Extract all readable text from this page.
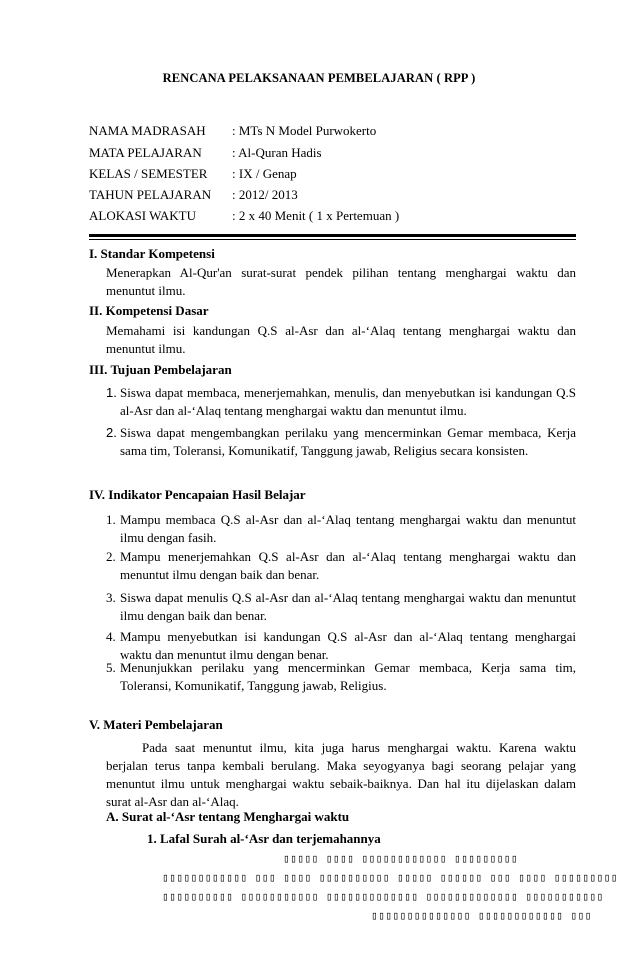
RENCANA PELAKSANAAN PEMBELAJARAN ( RPP )
NAMA MADRASAH : MTs N Model Purwokerto
MATA PELAJARAN : Al-Quran Hadis
KELAS / SEMESTER : IX / Genap
TAHUN PELAJARAN : 2012/ 2013
ALOKASI WAKTU	: 2 x 40 Menit ( 1 x Pertemuan )
I. Standar Kompetensi
Menerapkan Al-Qur'an surat-surat pendek pilihan tentang menghargai waktu dan menuntut ilmu.
II. Kompetensi Dasar
Memahami isi kandungan Q.S al-Asr dan al-‘Alaq tentang menghargai waktu dan menuntut ilmu.
III. Tujuan Pembelajaran
1. Siswa dapat membaca, menerjemahkan, menulis, dan menyebutkan isi kandungan Q.S al-Asr dan al-‘Alaq tentang menghargai waktu dan menuntut ilmu.
2. Siswa dapat mengembangkan perilaku yang mencerminkan Gemar membaca, Kerja sama tim, Toleransi, Komunikatif, Tanggung jawab, Religius secara konsisten.
IV. Indikator Pencapaian Hasil Belajar
1. Mampu membaca Q.S al-Asr dan al-‘Alaq tentang menghargai waktu dan menuntut ilmu dengan fasih.
2. Mampu menerjemahkan Q.S al-Asr dan al-‘Alaq tentang menghargai waktu dan menuntut ilmu dengan baik dan benar.
3. Siswa dapat menulis Q.S al-Asr dan al-‘Alaq tentang menghargai waktu dan menuntut ilmu dengan baik dan benar.
4. Mampu menyebutkan isi kandungan Q.S al-Asr dan al-‘Alaq tentang menghargai waktu dan menuntut ilmu dengan benar.
5. Menunjukkan perilaku yang mencerminkan Gemar membaca, Kerja sama tim, Toleransi, Komunikatif, Tanggung jawab, Religius.
V. Materi Pembelajaran
Pada saat menuntut ilmu, kita juga harus menghargai waktu. Karena waktu berjalan terus tanpa kembali berulang. Maka seyogyanya bagi seorang pelajar yang menuntut ilmu untuk menghargai waktu sebaik-baiknya. Dan hal itu dijelaskan dalam surat al-Asr dan al-‘Alaq.
A. Surat al-‘Asr tentang Menghargai waktu
1. Lafal Surah al-‘Asr dan terjemahannya
▯▯▯▯▯ ▯▯▯▯ ▯▯▯▯▯▯▯▯▯▯▯▯ ▯▯▯▯▯▯▯▯▯
▯▯▯▯▯▯▯▯▯▯▯▯ ▯▯▯ ▯▯▯▯ ▯▯▯▯▯▯▯▯▯▯ ▯▯▯▯▯ ▯▯▯▯▯▯ ▯▯▯ ▯▯▯▯ ▯▯▯▯▯▯▯▯▯
▯▯▯▯▯▯▯▯▯▯ ▯▯▯▯▯▯▯▯▯▯▯ ▯▯▯▯▯▯▯▯▯▯▯▯▯ ▯▯▯▯▯▯▯▯▯▯▯▯▯ ▯▯▯▯▯▯▯▯▯▯▯
▯▯▯▯▯▯▯▯▯▯▯▯▯▯ ▯▯▯▯▯▯▯▯▯▯▯▯ ▯▯▯
